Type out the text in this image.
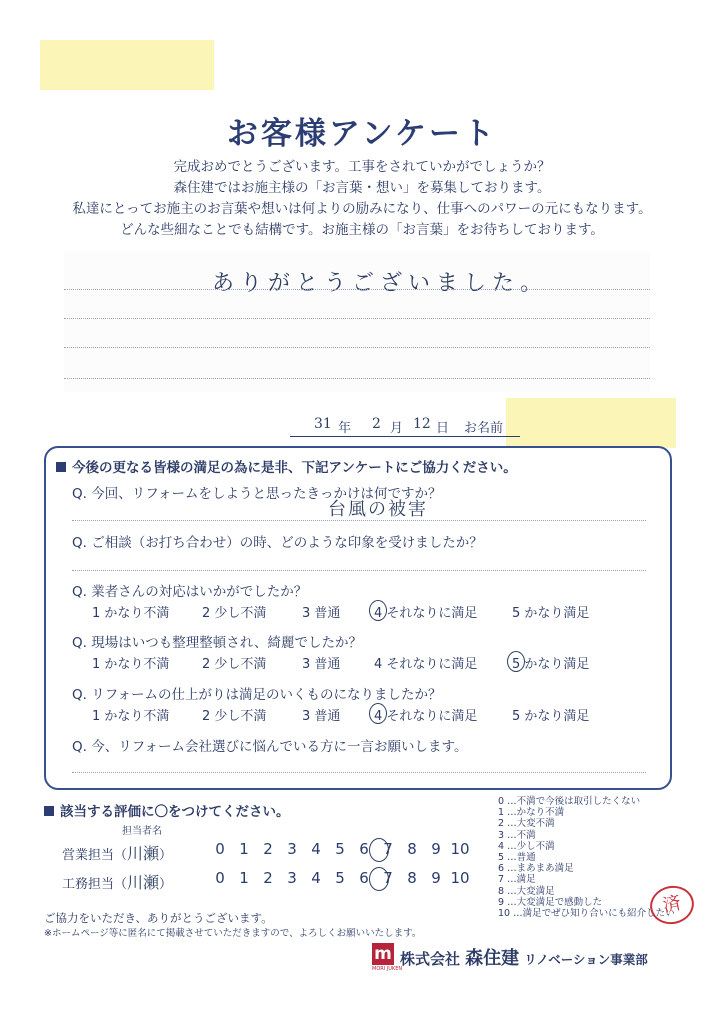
お客様アンケート
完成おめでとうございます。工事をされていかがでしょうか？
森住建ではお施主様の「お言葉・想い」を募集しております。
私達にとってお施主のお言葉や想いは何よりの励みになり、仕事へのパワーの元にもなります。
どんな些細なことでも結構です。お施主様の「お言葉」をお待ちしております。
ありがとうございました。
31 年 2 月 12 日 お名前
今後の更なる皆様の満足の為に是非、下記アンケートにご協力ください。
Q. 今回、リフォームをしようと思ったきっかけは何ですか？
台風の被害
Q. ご相談（お打ち合わせ）の時、どのような印象を受けましたか？
Q. 業者さんの対応はいかがでしたか？
1 かなり不満	2 少し不満	3 普通	4 それなりに満足	5 かなり満足
Q. 現場はいつも整理整頓され、綺麗でしたか？
1 かなり不満	2 少し不満	3 普通	4 それなりに満足	5 かなり満足
Q. リフォームの仕上がりは満足のいくものになりましたか？
1 かなり不満	2 少し不満	3 普通	4 それなりに満足	5 かなり満足
Q. 今、リフォーム会社選びに悩んでいる方に一言お願いします。
該当する評価に〇をつけてください。
担当者名
営業担当（川瀬）	0 1 2 3 4 5 6 7 8 9 10
工務担当（川瀬）	0 1 2 3 4 5 6 7 8 9 10
0 …不満で今後は取引したくない
1 …かなり不満
2 …大変不満
3 …不満
4 …少し不満
5 …普通
6 …まあまあ満足
7 …満足
8 …大変満足
9 …大変満足で感動した
10 …満足でぜひ知り合いにも紹介したい
済
ご協力をいただき、ありがとうございます。
※ホームページ等に匿名にて掲載させていただきますので、よろしくお願いいたします。
m
MORI JUKEN
株式会社 森住建 リノベーション事業部
